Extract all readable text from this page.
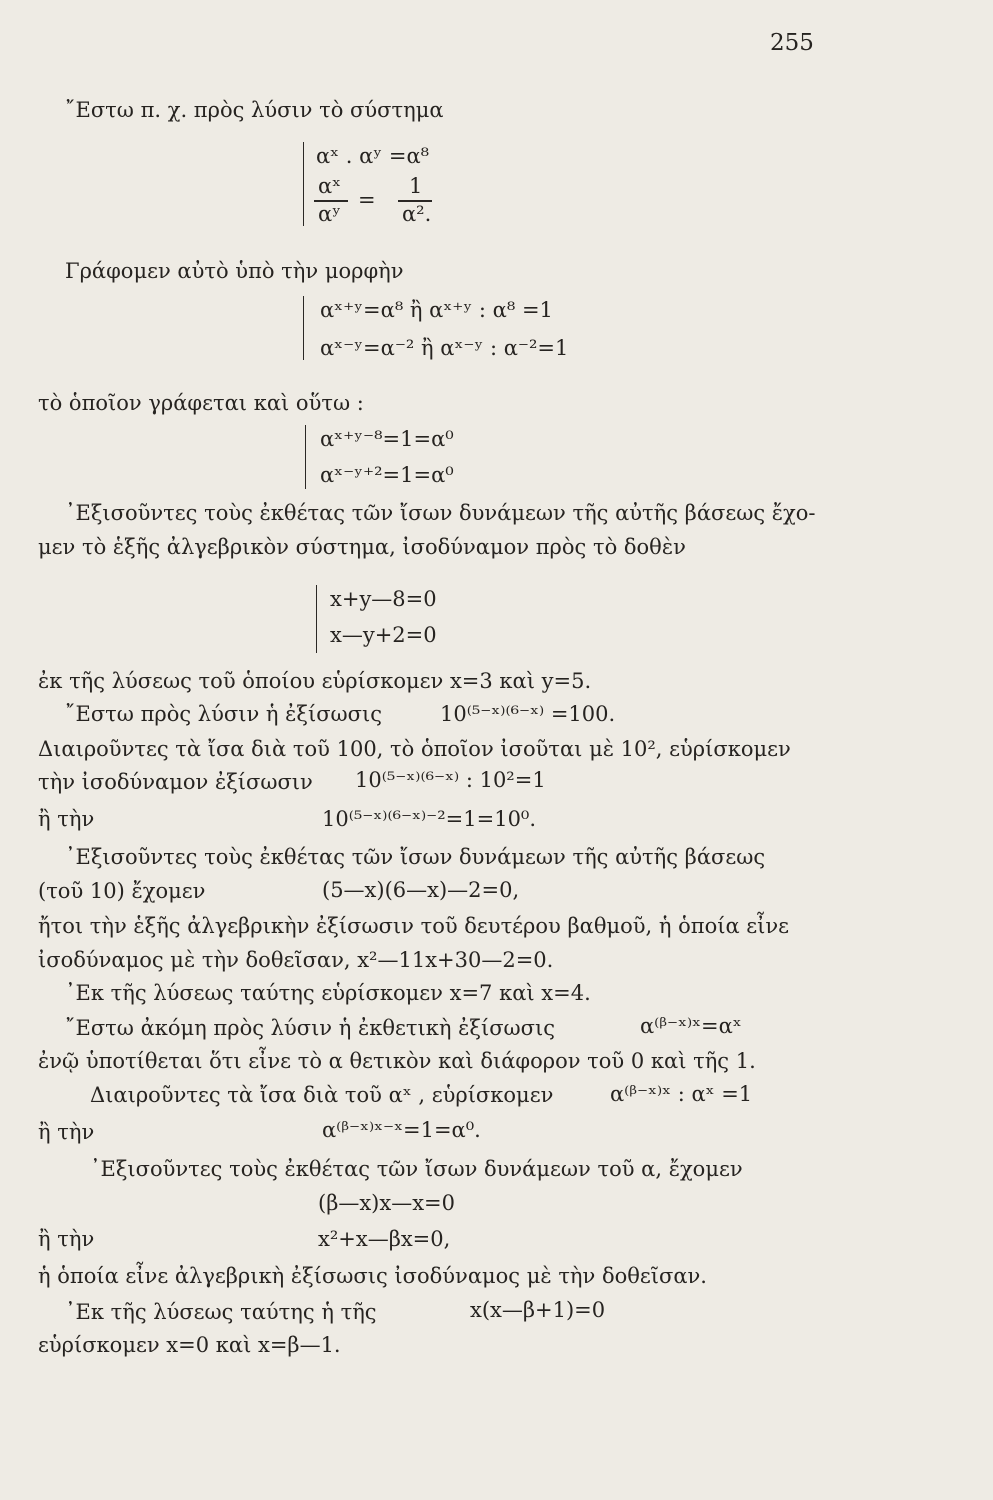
255
῎Εστω π. χ. πρὸς λύσιν τὸ σύστημα
αˣ . αʸ =α⁸
αˣ
αʸ
=
1
α².
Γράφομεν αὐτὸ ὑπὸ τὴν μορφὴν
αˣ⁺ʸ=α⁸ ἢ αˣ⁺ʸ : α⁸ =1
αˣ⁻ʸ=α⁻² ἢ αˣ⁻ʸ : α⁻²=1
τὸ ὁποῖον γράφεται καὶ οὕτω :
αˣ⁺ʸ⁻⁸=1=α⁰
αˣ⁻ʸ⁺²=1=α⁰
᾿Εξισοῦντες τοὺς ἐκθέτας τῶν ἴσων δυνάμεων τῆς αὐτῆς βάσεως ἔχο-
μεν τὸ ἑξῆς ἀλγεβρικὸν σύστημα, ἰσοδύναμον πρὸς τὸ δοθὲν
x+y—8=0
x—y+2=0
ἐκ τῆς λύσεως τοῦ ὁποίου εὑρίσκομεν x=3 καὶ y=5.
῎Εστω πρὸς λύσιν ἡ ἐξίσωσις	10⁽⁵⁻ˣ⁾⁽⁶⁻ˣ⁾ =100.
Διαιροῦντες τὰ ἴσα διὰ τοῦ 100, τὸ ὁποῖον ἰσοῦται μὲ 10², εὑρίσκομεν
τὴν ἰσοδύναμον ἐξίσωσιν 10⁽⁵⁻ˣ⁾⁽⁶⁻ˣ⁾ : 10²=1
ἢ τὴν	10⁽⁵⁻ˣ⁾⁽⁶⁻ˣ⁾⁻²=1=10⁰.
᾿Εξισοῦντες τοὺς ἐκθέτας τῶν ἴσων δυνάμεων τῆς αὐτῆς βάσεως
(τοῦ 10) ἔχομεν	(5—x)(6—x)—2=0,
ἤτοι τὴν ἑξῆς ἀλγεβρικὴν ἐξίσωσιν τοῦ δευτέρου βαθμοῦ, ἡ ὁποία εἶνε
ἰσοδύναμος μὲ τὴν δοθεῖσαν, x²—11x+30—2=0.
᾿Εκ τῆς λύσεως ταύτης εὑρίσκομεν x=7 καὶ x=4.
῎Εστω ἀκόμη πρὸς λύσιν ἡ ἐκθετικὴ ἐξίσωσις	α⁽ᵝ⁻ˣ⁾ˣ=αˣ
ἐνῷ ὑποτίθεται ὅτι εἶνε τὸ α θετικὸν καὶ διάφορον τοῦ 0 καὶ τῆς 1.
Διαιροῦντες τὰ ἴσα διὰ τοῦ αˣ , εὑρίσκομεν	α⁽ᵝ⁻ˣ⁾ˣ : αˣ =1
ἢ τὴν	α⁽ᵝ⁻ˣ⁾ˣ⁻ˣ=1=α⁰.
᾿Εξισοῦντες τοὺς ἐκθέτας τῶν ἴσων δυνάμεων τοῦ α, ἔχομεν
(β—x)x—x=0
ἢ τὴν	x²+x—βx=0,
ἡ ὁποία εἶνε ἀλγεβρικὴ ἐξίσωσις ἰσοδύναμος μὲ τὴν δοθεῖσαν.
᾿Εκ τῆς λύσεως ταύτης ἡ τῆς	x(x—β+1)=0
εὑρίσκομεν x=0 καὶ x=β—1.
